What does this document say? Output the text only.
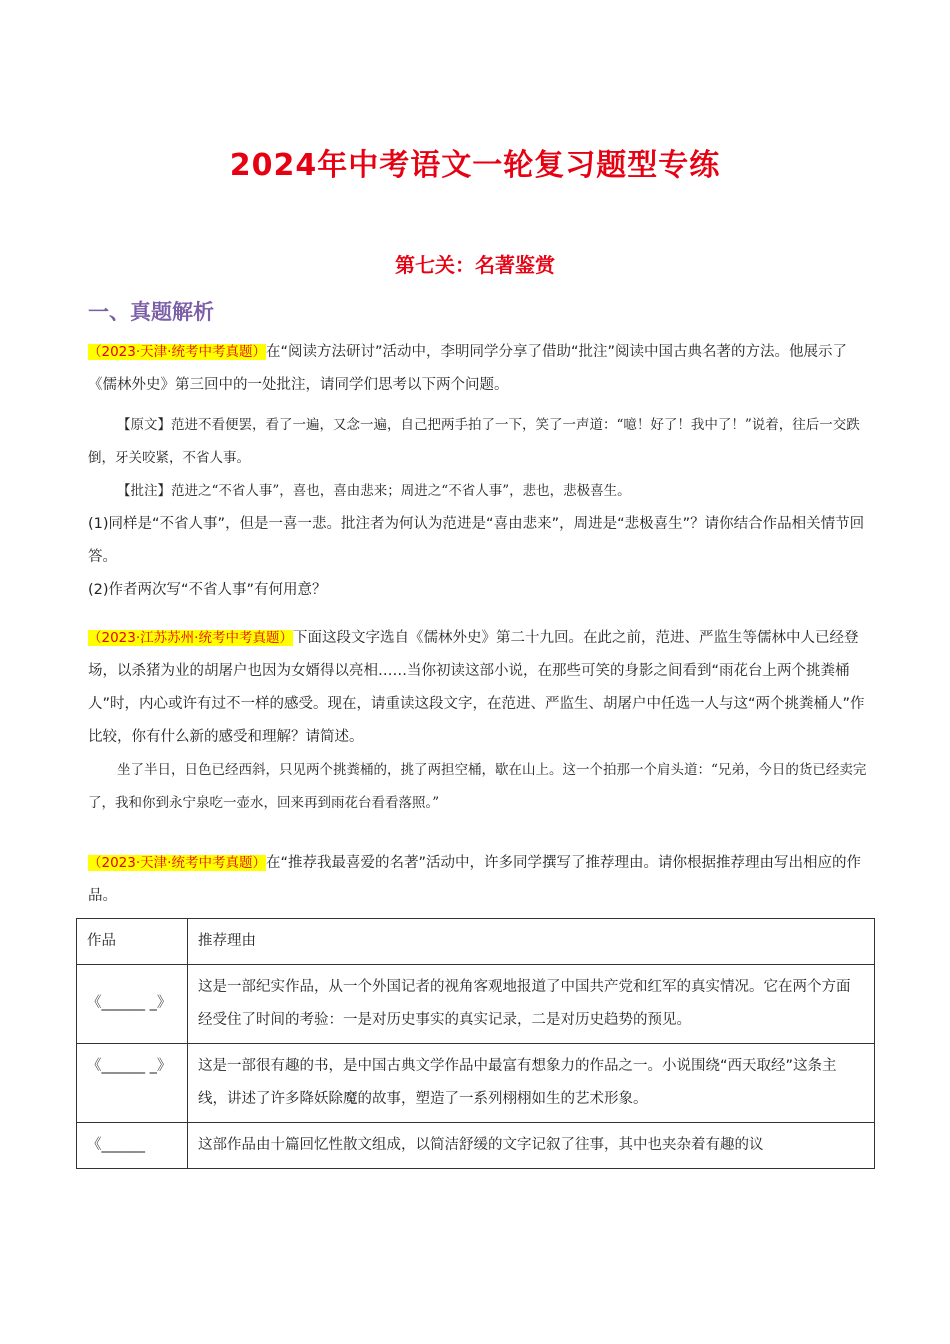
2024年中考语文一轮复习题型专练
第七关：名著鉴赏
一、真题解析

（2023·天津·统考中考真题）在“阅读方法研讨”活动中，李明同学分享了借助“批注”阅读中国古典名著的方法。他展示了《儒林外史》第三回中的一处批注，请同学们思考以下两个问题。

【原文】范进不看便罢，看了一遍，又念一遍，自己把两手拍了一下，笑了一声道：“噫！好了！我中了！”说着，往后一交跌倒，牙关咬紧，不省人事。

【批注】范进之“不省人事”，喜也，喜由悲来；周进之“不省人事”，悲也，悲极喜生。

(1)同样是“不省人事”，但是一喜一悲。批注者为何认为范进是“喜由悲来”，周进是“悲极喜生”？请你结合作品相关情节回答。

(2)作者两次写“不省人事”有何用意？

（2023·江苏苏州·统考中考真题）下面这段文字选自《儒林外史》第二十九回。在此之前，范进、严监生等儒林中人已经登场，以杀猪为业的胡屠户也因为女婿得以亮相……当你初读这部小说，在那些可笑的身影之间看到“雨花台上两个挑粪桶人”时，内心或许有过不一样的感受。现在，请重读这段文字，在范进、严监生、胡屠户中任选一人与这“两个挑粪桶人”作比较，你有什么新的感受和理解？请简述。

坐了半日，日色已经西斜，只见两个挑粪桶的，挑了两担空桶，歇在山上。这一个拍那一个肩头道：“兄弟，今日的货已经卖完了，我和你到永宁泉吃一壶水，回来再到雨花台看看落照。”

（2023·天津·统考中考真题）在“推荐我最喜爱的名著”活动中，许多同学撰写了推荐理由。请你根据推荐理由写出相应的作品。

作品	推荐理由
《______ _》	这是一部纪实作品，从一个外国记者的视角客观地报道了中国共产党和红军的真实情况。它在两个方面经受住了时间的考验：一是对历史事实的真实记录，二是对历史趋势的预见。
《______ _》	这是一部很有趣的书，是中国古典文学作品中最富有想象力的作品之一。小说围绕“西天取经”这条主线，讲述了许多降妖除魔的故事，塑造了一系列栩栩如生的艺术形象。
《______	这部作品由十篇回忆性散文组成，以简洁舒缓的文字记叙了往事，其中也夹杂着有趣的议
